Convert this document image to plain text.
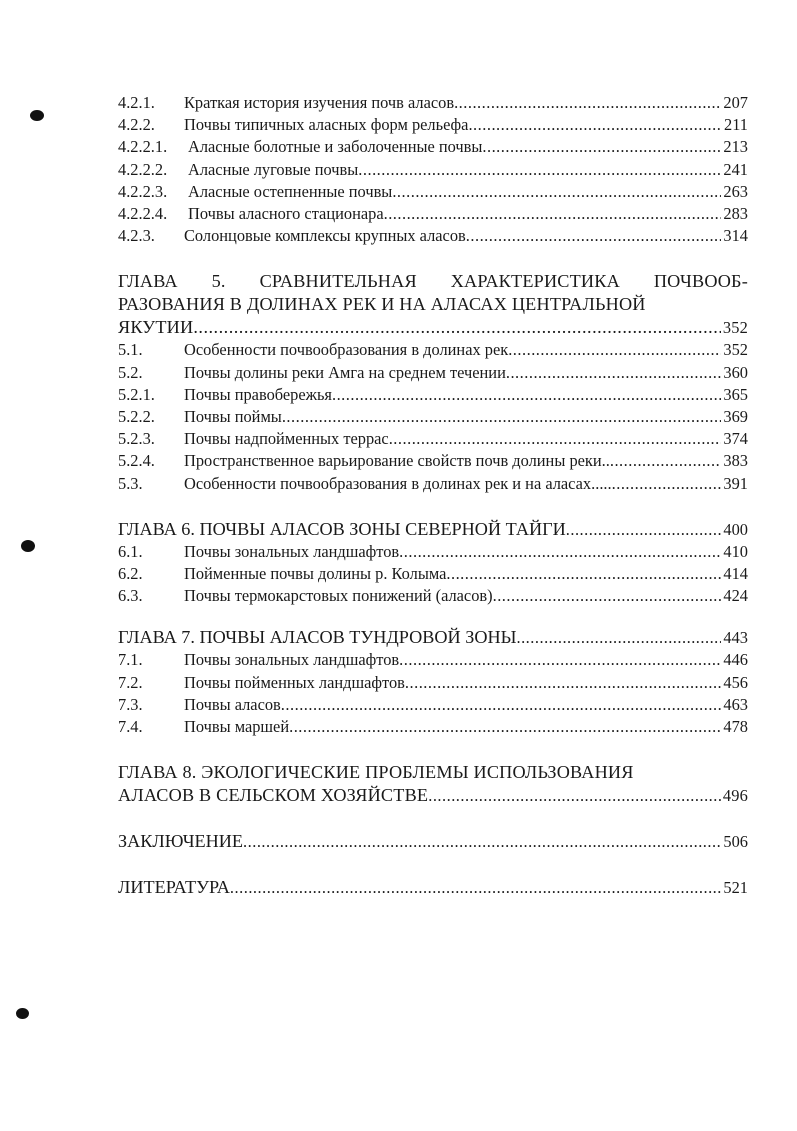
4.2.1.	Краткая история изучения почв аласов .....	207
4.2.2.	Почвы типичных аласных форм рельефа .....	211
4.2.2.1.	Аласные болотные и заболоченные почвы .....	213
4.2.2.2.	Аласные луговые почвы .....	241
4.2.2.3.	Аласные остепненные почвы .....	263
4.2.2.4.	Почвы аласного стационара .....	283
4.2.3.	Солонцовые комплексы крупных аласов .....	314
ГЛАВА 5. СРАВНИТЕЛЬНАЯ ХАРАКТЕРИСТИКА ПОЧВООБ-
РАЗОВАНИЯ В ДОЛИНАХ РЕК И НА АЛАСАХ ЦЕНТРАЛЬНОЙ
ЯКУТИИ .....	352
5.1.	Особенности почвообразования в долинах рек .....	352
5.2.	Почвы долины реки Амга на среднем течении .....	360
5.2.1.	Почвы правобережья .....	365
5.2.2.	Почвы поймы .....	369
5.2.3.	Почвы надпойменных террас .....	374
5.2.4.	Пространственное варьирование свойств почв долины реки.. .....	383
5.3.	Особенности почвообразования в долинах рек и на аласах..... .....	391
ГЛАВА 6. ПОЧВЫ АЛАСОВ ЗОНЫ СЕВЕРНОЙ ТАЙГИ .....	400
6.1.	Почвы зональных ландшафтов .....	410
6.2.	Пойменные почвы долины р. Колыма .....	414
6.3.	Почвы термокарстовых понижений (аласов) .....	424
ГЛАВА 7. ПОЧВЫ АЛАСОВ ТУНДРОВОЙ ЗОНЫ .....	443
7.1.	Почвы зональных ландшафтов .....	446
7.2.	Почвы пойменных ландшафтов .....	456
7.3.	Почвы аласов .....	463
7.4.	Почвы маршей .....	478
ГЛАВА 8. ЭКОЛОГИЧЕСКИЕ ПРОБЛЕМЫ ИСПОЛЬЗОВАНИЯ
АЛАСОВ В СЕЛЬСКОМ ХОЗЯЙСТВЕ .....	496
ЗАКЛЮЧЕНИЕ .....	506
ЛИТЕРАТУРА .....	521
